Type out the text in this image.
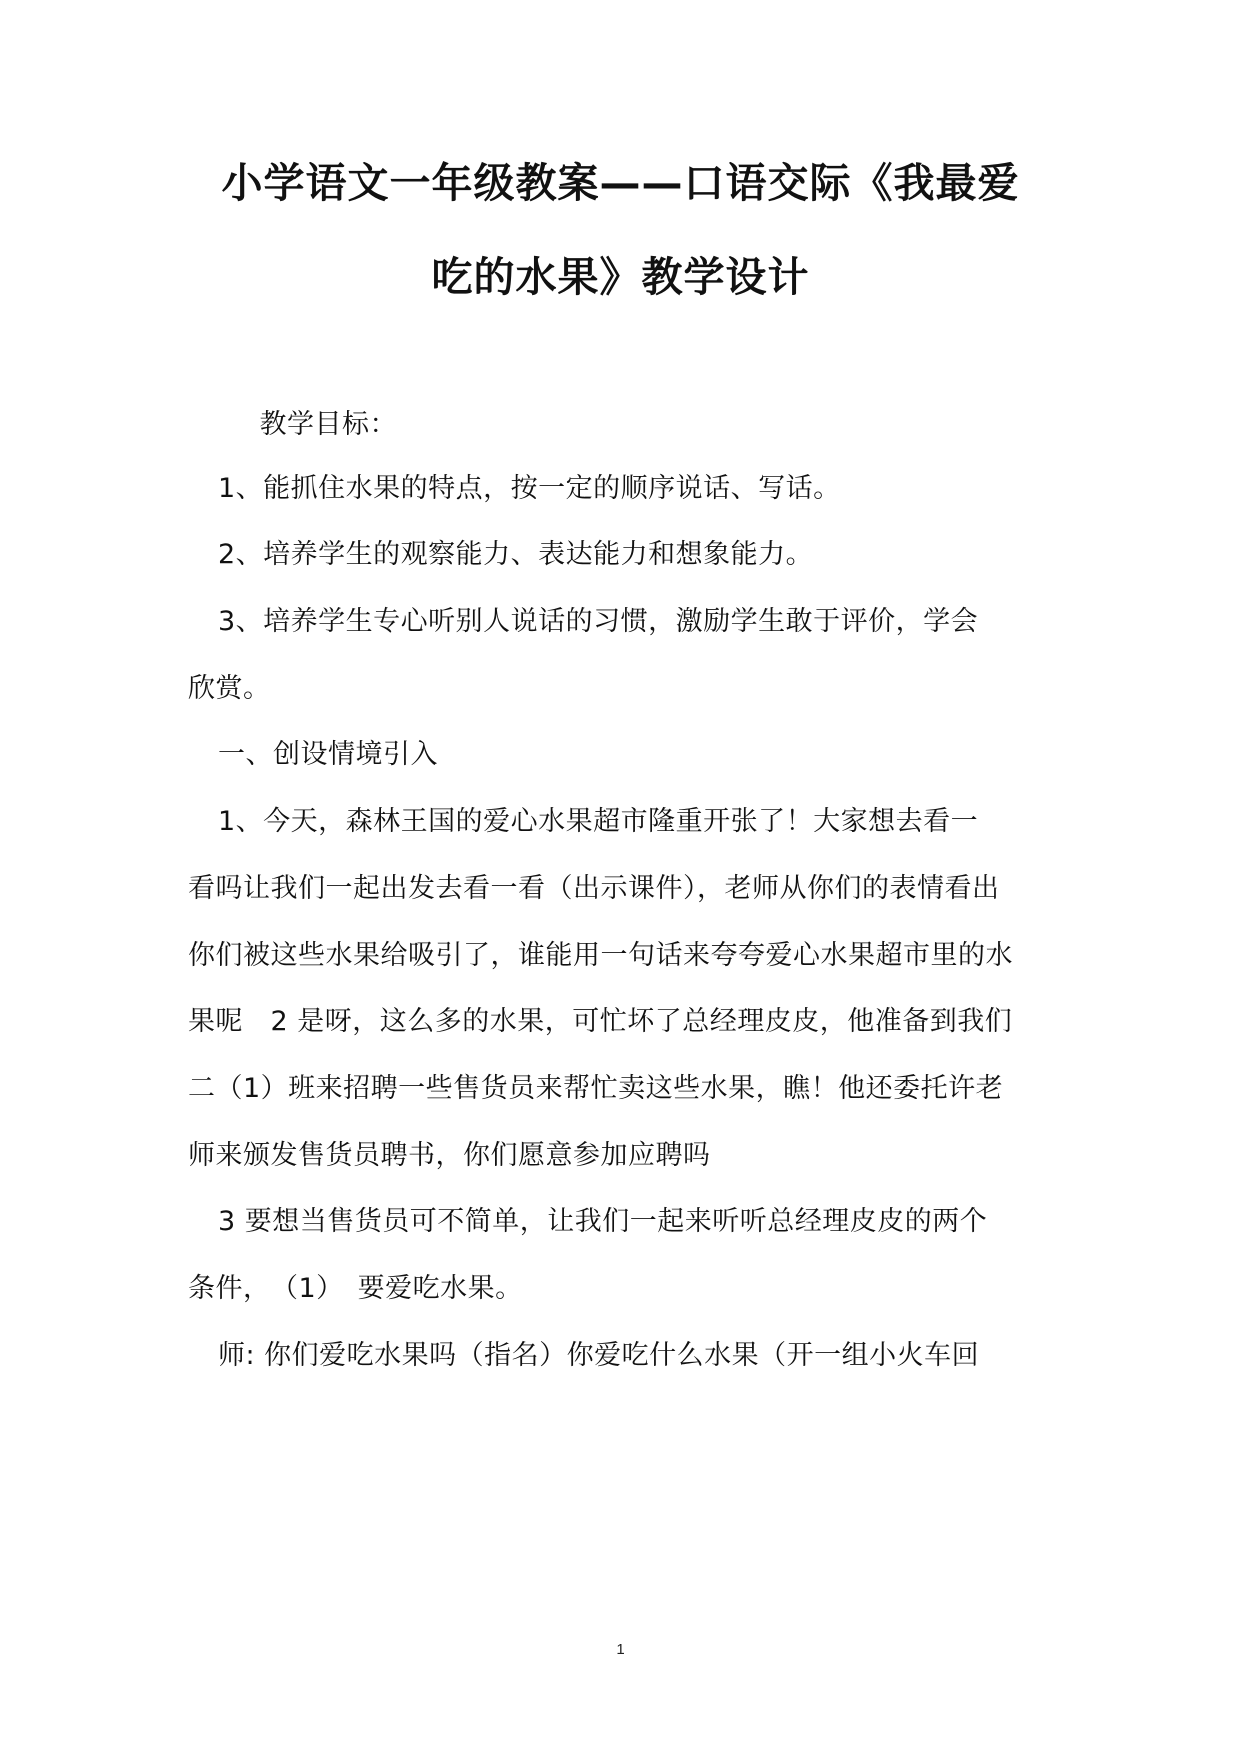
小学语文一年级教案——口语交际《我最爱
吃的水果》教学设计
　教学目标：
1、能抓住水果的特点，按一定的顺序说话、写话。
2、培养学生的观察能力、表达能力和想象能力。
3、培养学生专心听别人说话的习惯，激励学生敢于评价，学会
欣赏。
一、创设情境引入
1、今天，森林王国的爱心水果超市隆重开张了！大家想去看一
看吗让我们一起出发去看一看（出示课件），老师从你们的表情看出
你们被这些水果给吸引了，谁能用一句话来夸夸爱心水果超市里的水
果呢　2 是呀，这么多的水果，可忙坏了总经理皮皮，他准备到我们
二（1）班来招聘一些售货员来帮忙卖这些水果，瞧！他还委托许老
师来颁发售货员聘书，你们愿意参加应聘吗
3 要想当售货员可不简单，让我们一起来听听总经理皮皮的两个
条件，　（1）　要爱吃水果。
师: 你们爱吃水果吗（指名）你爱吃什么水果（开一组小火车回
1
